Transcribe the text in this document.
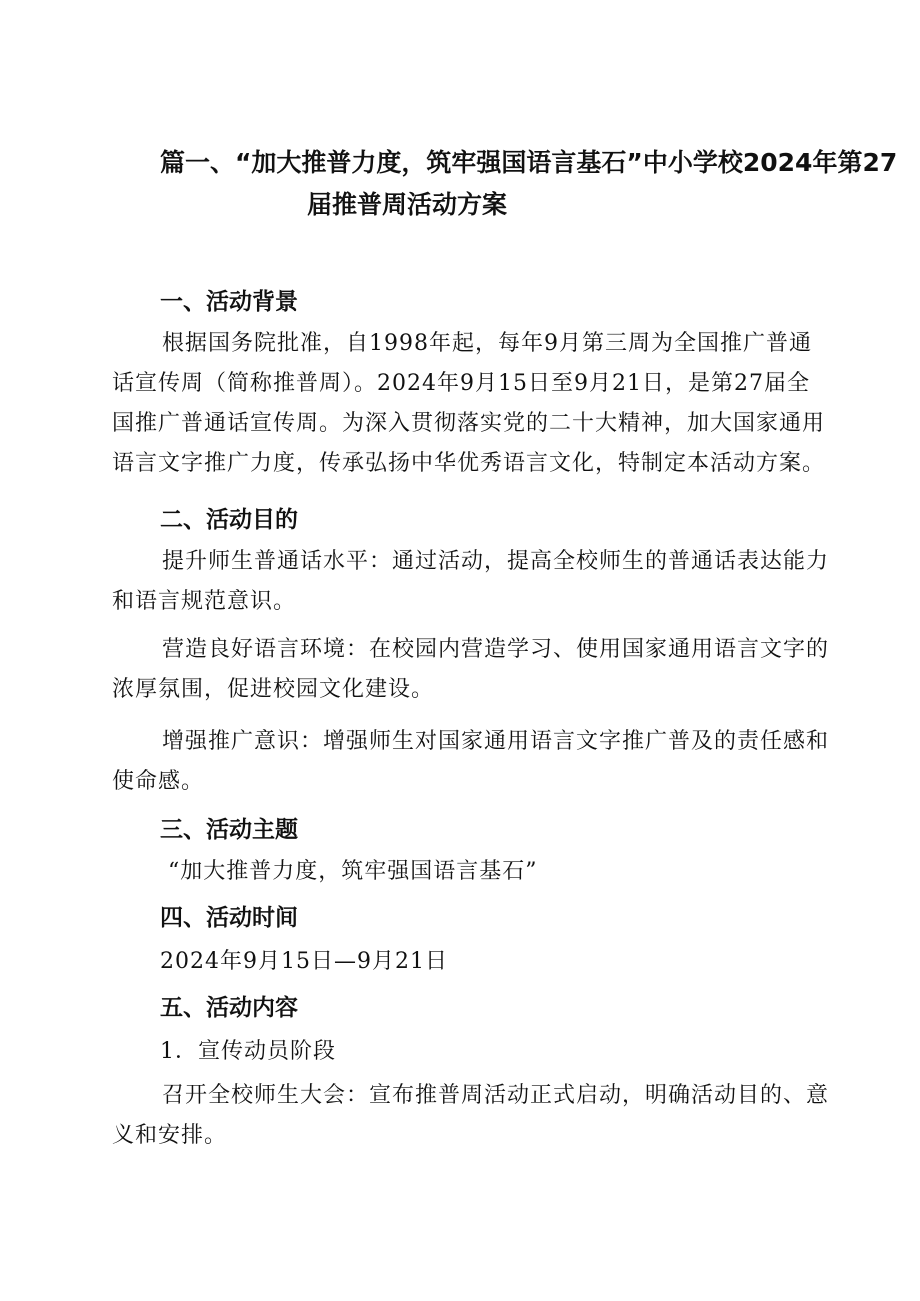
篇一、“加大推普力度，筑牢强国语言基石”中小学校2024年第27
届推普周活动方案
一、活动背景

根据国务院批准，自1998年起，每年9月第三周为全国推广普通话宣传周（简称推普周）。2024年9月15日至9月21日，是第27届全国推广普通话宣传周。为深入贯彻落实党的二十大精神，加大国家通用语言文字推广力度，传承弘扬中华优秀语言文化，特制定本活动方案。

二、活动目的

提升师生普通话水平：通过活动，提高全校师生的普通话表达能力和语言规范意识。

营造良好语言环境：在校园内营造学习、使用国家通用语言文字的浓厚氛围，促进校园文化建设。

增强推广意识：增强师生对国家通用语言文字推广普及的责任感和使命感。

三、活动主题

“加大推普力度，筑牢强国语言基石”

四、活动时间

2024年9月15日—9月21日

五、活动内容

1．宣传动员阶段

召开全校师生大会：宣布推普周活动正式启动，明确活动目的、意义和安排。
